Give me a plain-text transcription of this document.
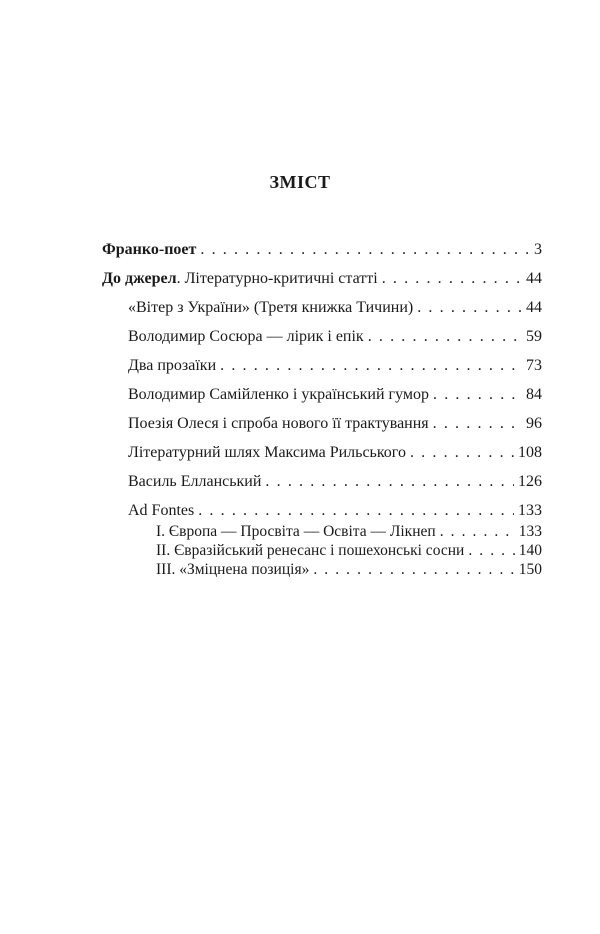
ЗМІСТ
Франко-поет . . .	3
До джерел. Літературно-критичні статті . . .	44
«Вітер з України» (Третя книжка Тичини) . . .	44
Володимир Сосюра — лірик і епік . . .	59
Два прозаїки . . .	73
Володимир Самійленко і український гумор . . .	84
Поезія Олеся і спроба нового її трактування . . .	96
Літературний шлях Максима Рильського . . .	108
Василь Елланський . . .	126
Ad Fontes . . .	133
І. Європа — Просвіта — Освіта — Лікнеп . . .	133
ІІ. Євразійський ренесанс і пошехонські сосни . . .	140
ІІІ. «Зміцнена позиція» . . .	150
